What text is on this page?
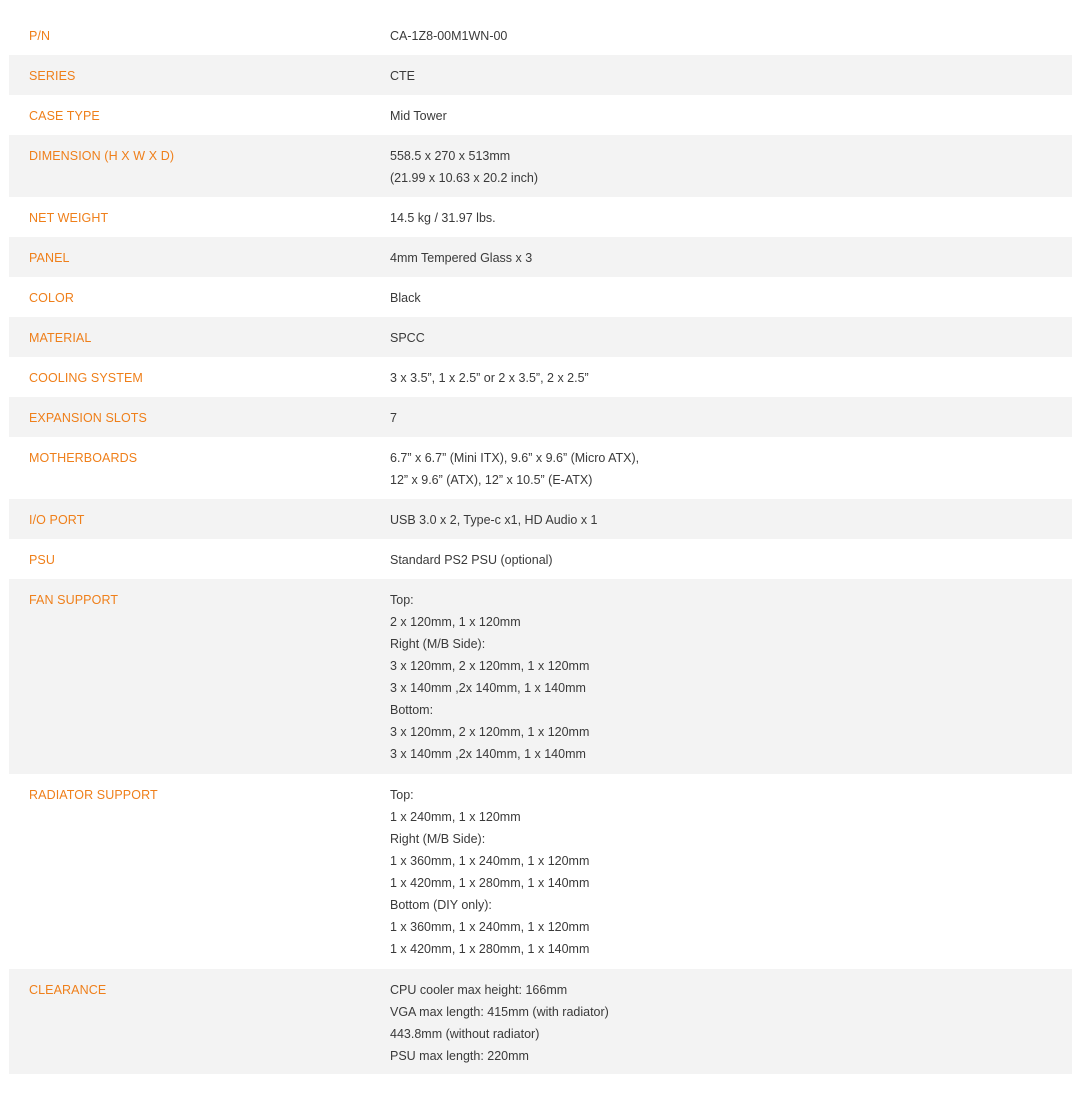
P/N	CA-1Z8-00M1WN-00
SERIES	CTE
CASE TYPE	Mid Tower
DIMENSION (H X W X D)	558.5 x 270 x 513mm
(21.99 x 10.63 x 20.2 inch)
NET WEIGHT	14.5 kg / 31.97 lbs.
PANEL	4mm Tempered Glass x 3
COLOR	Black
MATERIAL	SPCC
COOLING SYSTEM	3 x 3.5”, 1 x 2.5” or 2 x 3.5”, 2 x 2.5”
EXPANSION SLOTS	7
MOTHERBOARDS	6.7” x 6.7” (Mini ITX), 9.6” x 9.6” (Micro ATX),
12” x 9.6” (ATX), 12” x 10.5” (E-ATX)
I/O PORT	USB 3.0 x 2, Type-c x1, HD Audio x 1
PSU	Standard PS2 PSU (optional)
FAN SUPPORT	Top:
2 x 120mm, 1 x 120mm
Right (M/B Side):
3 x 120mm, 2 x 120mm, 1 x 120mm
3 x 140mm ,2x 140mm, 1 x 140mm
Bottom:
3 x 120mm, 2 x 120mm, 1 x 120mm
3 x 140mm ,2x 140mm, 1 x 140mm
RADIATOR SUPPORT	Top:
1 x 240mm, 1 x 120mm
Right (M/B Side):
1 x 360mm, 1 x 240mm, 1 x 120mm
1 x 420mm, 1 x 280mm, 1 x 140mm
Bottom (DIY only):
1 x 360mm, 1 x 240mm, 1 x 120mm
1 x 420mm, 1 x 280mm, 1 x 140mm
CLEARANCE	CPU cooler max height: 166mm
VGA max length: 415mm (with radiator)
443.8mm (without radiator)
PSU max length: 220mm
